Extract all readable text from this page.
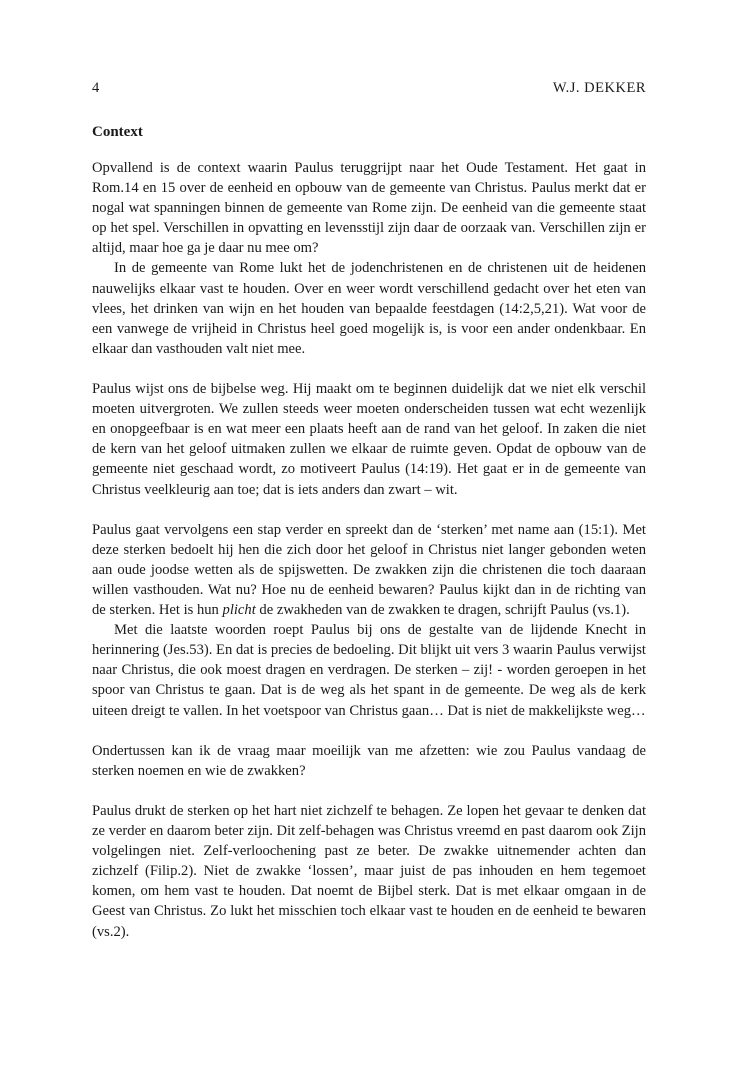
4	W.J. DEKKER
Context

Opvallend is de context waarin Paulus teruggrijpt naar het Oude Testament. Het gaat in Rom.14 en 15 over de eenheid en opbouw van de gemeente van Christus. Paulus merkt dat er nogal wat spanningen binnen de gemeente van Rome zijn. De eenheid van die gemeente staat op het spel. Verschillen in opvatting en levensstijl zijn daar de oorzaak van. Verschillen zijn er altijd, maar hoe ga je daar nu mee om?

In de gemeente van Rome lukt het de jodenchristenen en de christenen uit de heidenen nauwelijks elkaar vast te houden. Over en weer wordt verschillend gedacht over het eten van vlees, het drinken van wijn en het houden van bepaalde feestdagen (14:2,5,21). Wat voor de een vanwege de vrijheid in Christus heel goed mogelijk is, is voor een ander ondenkbaar. En elkaar dan vasthouden valt niet mee.

Paulus wijst ons de bijbelse weg. Hij maakt om te beginnen duidelijk dat we niet elk verschil moeten uitvergroten. We zullen steeds weer moeten onderscheiden tussen wat echt wezenlijk en onopgeefbaar is en wat meer een plaats heeft aan de rand van het geloof. In zaken die niet de kern van het geloof uitmaken zullen we elkaar de ruimte geven. Opdat de opbouw van de gemeente niet geschaad wordt, zo motiveert Paulus (14:19). Het gaat er in de gemeente van Christus veelkleurig aan toe; dat is iets anders dan zwart – wit.

Paulus gaat vervolgens een stap verder en spreekt dan de ‘sterken’ met name aan (15:1). Met deze sterken bedoelt hij hen die zich door het geloof in Christus niet langer gebonden weten aan oude joodse wetten als de spijswetten. De zwakken zijn die christenen die toch daaraan willen vasthouden. Wat nu? Hoe nu de eenheid bewaren? Paulus kijkt dan in de richting van de sterken. Het is hun plicht de zwakheden van de zwakken te dragen, schrijft Paulus (vs.1).

Met die laatste woorden roept Paulus bij ons de gestalte van de lijdende Knecht in herinnering (Jes.53). En dat is precies de bedoeling. Dit blijkt uit vers 3 waarin Paulus verwijst naar Christus, die ook moest dragen en verdragen. De sterken – zij! - worden geroepen in het spoor van Christus te gaan. Dat is de weg als het spant in de gemeente. De weg als de kerk uiteen dreigt te vallen. In het voetspoor van Christus gaan… Dat is niet de makkelijkste weg…

Ondertussen kan ik de vraag maar moeilijk van me afzetten: wie zou Paulus vandaag de sterken noemen en wie de zwakken?

Paulus drukt de sterken op het hart niet zichzelf te behagen. Ze lopen het gevaar te denken dat ze verder en daarom beter zijn. Dit zelf-behagen was Christus vreemd en past daarom ook Zijn volgelingen niet. Zelf-verloochening past ze beter. De zwakke uitnemender achten dan zichzelf (Filip.2). Niet de zwakke ‘lossen’, maar juist de pas inhouden en hem tegemoet komen, om hem vast te houden. Dat noemt de Bijbel sterk. Dat is met elkaar omgaan in de Geest van Christus. Zo lukt het misschien toch elkaar vast te houden en de eenheid te bewaren (vs.2).
